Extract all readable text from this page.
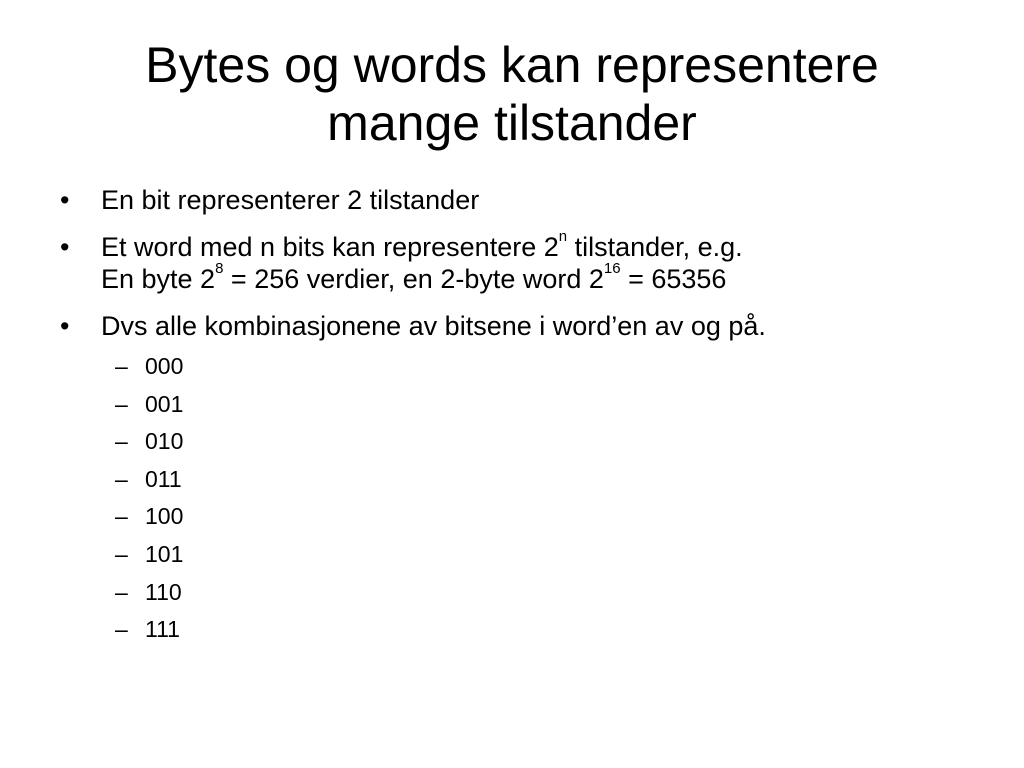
Bytes og words kan representere
mange tilstander
• En bit representerer 2 tilstander
• Et word med n bits kan representere 2$^n$ tilstander, e.g.
En byte $2^8 = 256$ verdier, en 2-byte word $2^{16} = 65356$
• Dvs alle kombinasjonene av bitsene i word’en av og på.
– 000
– 001
– 010
– 011
– 100
– 101
– 110
– 111
